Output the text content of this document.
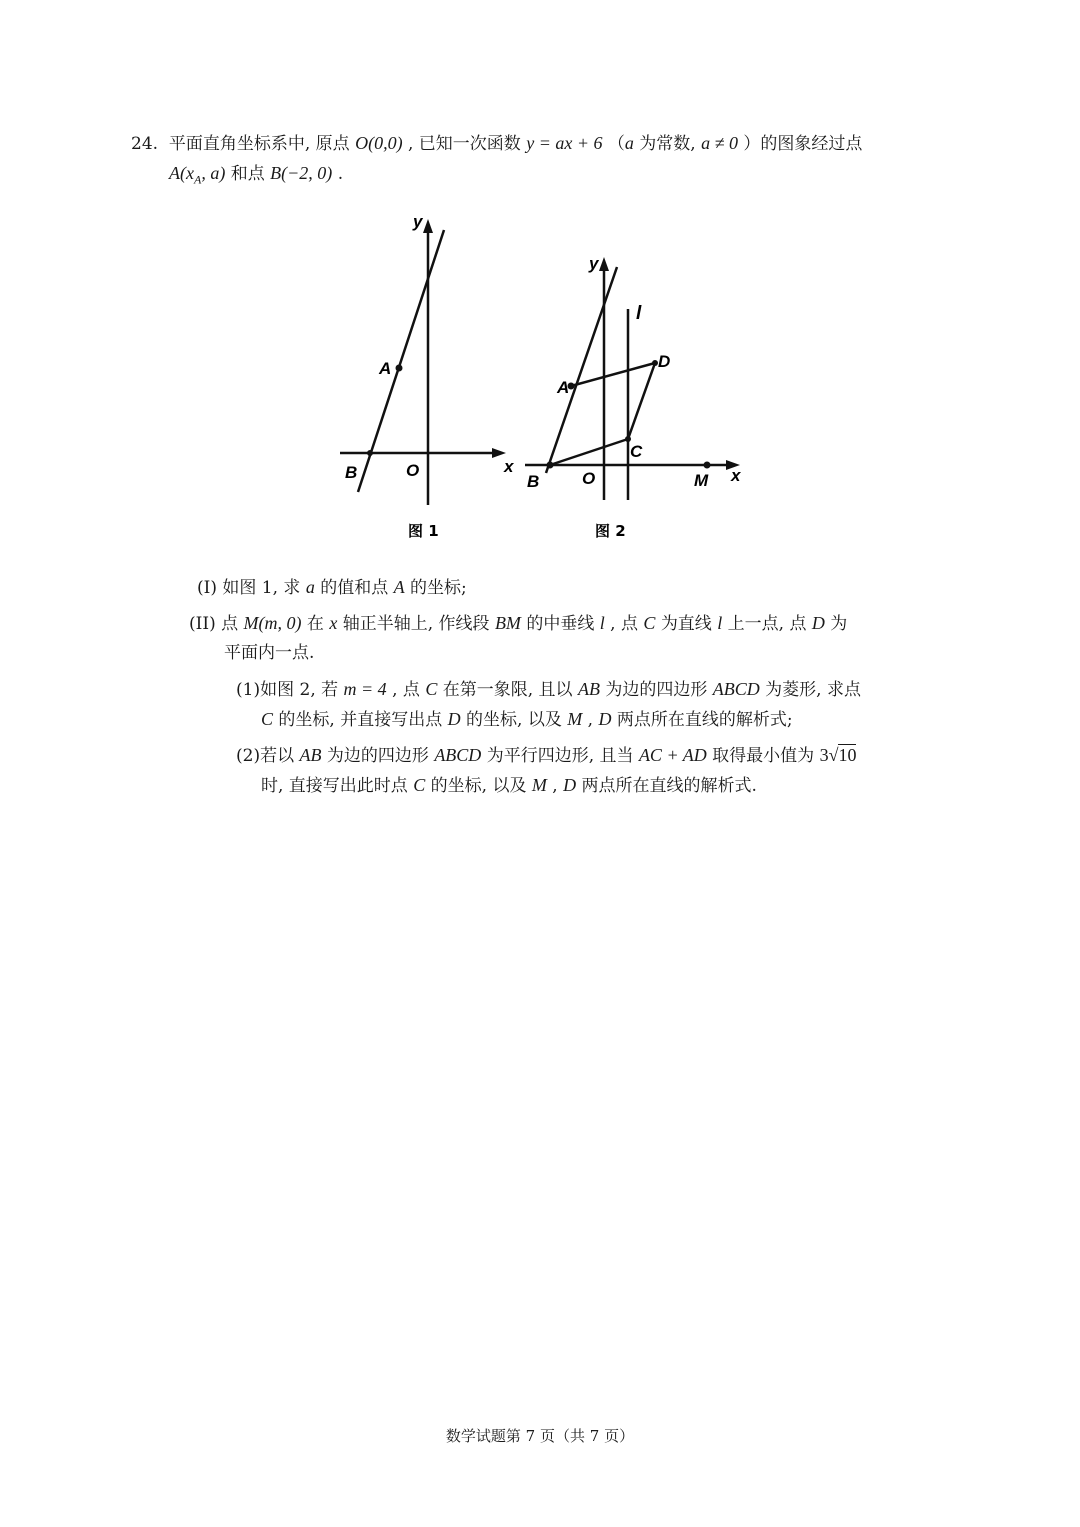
24. 平面直角坐标系中, 原点 O(0,0) , 已知一次函数 y = ax + 6 （a 为常数, a ≠ 0 ）的图象经过点
$A(x_A$, a) 和点 B(−2, 0) .
y
x
A
B	O
图 1
y
l
D
A
C
B	O	M x
图 2
(I) 如图 1, 求 a 的值和点 A 的坐标;
(II) 点 M(m, 0) 在 x 轴正半轴上, 作线段 BM 的中垂线 l , 点 C 为直线 l 上一点, 点 D 为
平面内一点.
(1)如图 2, 若 m = 4 , 点 C 在第一象限, 且以 AB 为边的四边形 ABCD 为菱形, 求点
C 的坐标, 并直接写出点 D 的坐标, 以及 M , D 两点所在直线的解析式;
(2)若以 AB 为边的四边形 ABCD 为平行四边形, 且当 AC + AD 取得最小值为 3√10
时, 直接写出此时点 C 的坐标, 以及 M , D 两点所在直线的解析式.
数学试题第 7 页（共 7 页）
